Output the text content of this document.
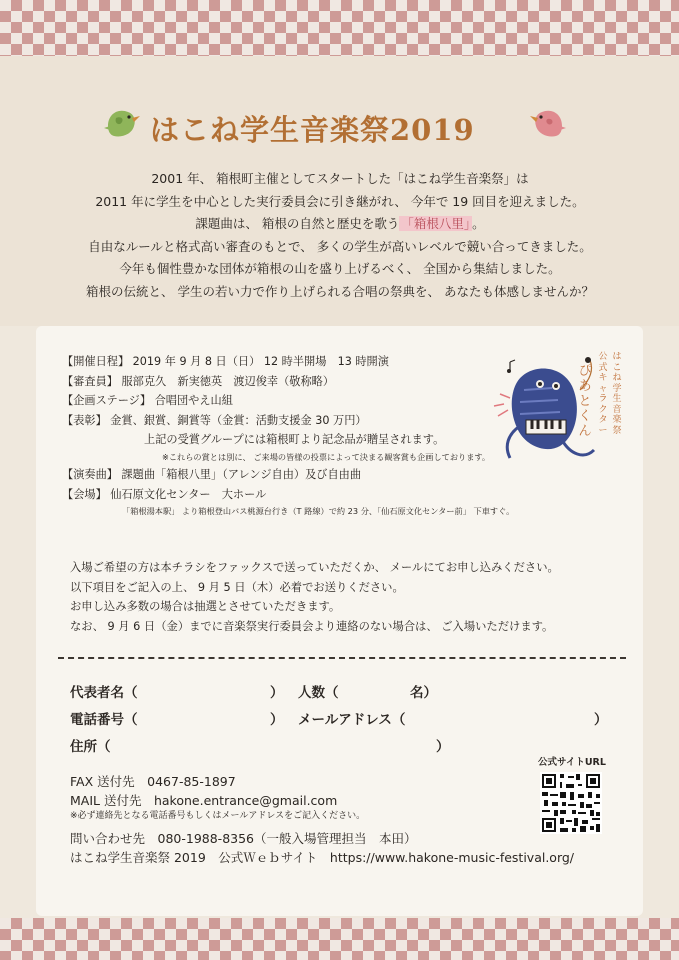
はこね学生音楽祭2019
2001 年、 箱根町主催としてスタートした「はこね学生音楽祭」は
2011 年に学生を中心とした実行委員会に引き継がれ、 今年で 19 回目を迎えました。
課題曲は、 箱根の自然と歴史を歌う 「箱根八里」 。
自由なルールと格式高い審査のもとで、 多くの学生が高いレベルで競い合ってきました。
今年も個性豊かな団体が箱根の山を盛り上げるべく、 全国から集結しました。
箱根の伝統と、 学生の若い力で作り上げられる合唱の祭典を、 あなたも体感しませんか？
【開催日程】 2019 年 9 月 8 日（日） 12 時半開場　13 時開演
【審査員】 服部克久　新実徳英　渡辺俊幸（敬称略）
【企画ステージ】 合唱団やえ山組
【表彰】 金賞、銀賞、銅賞等（金賞：活動支援金 30 万円）
上記の受賞グループには箱根町より記念品が贈呈されます。
※これらの賞とは別に、 ご来場の皆様の投票によって決まる観客賞も企画しております。
【演奏曲】 課題曲「箱根八里」（アレンジ自由）及び自由曲
【会場】 仙石原文化センター　大ホール
「箱根湯本駅」 より箱根登山バス桃源台行き（T 路線）で約 23 分、「仙石原文化センター前」 下車すぐ。
はこね学生音楽祭
公式キャラクター
ぴあとくん
入場ご希望の方は本チラシをファックスで送っていただくか、 メールにてお申し込みください。
以下項目をご記入の上、 9 月 5 日（木）必着でお送りください。
お申し込み多数の場合は抽選とさせていただきます。
なお、 9 月 6 日（金）までに音楽祭実行委員会より連絡のない場合は、 ご入場いただけます。
代表者名（	） 人数（	名）
電話番号（	） メールアドレス（	）
住所（	）
FAX 送付先　0467-85-1897
MAIL 送付先　hakone.entrance@gmail.com
※必ず連絡先となる電話番号もしくはメールアドレスをご記入ください。
問い合わせ先　080-1988-8356（一般入場管理担当　本田）
はこね学生音楽祭 2019　公式Ｗｅｂサイト　https://www.hakone-music-festival.org/
公式サイトURL
